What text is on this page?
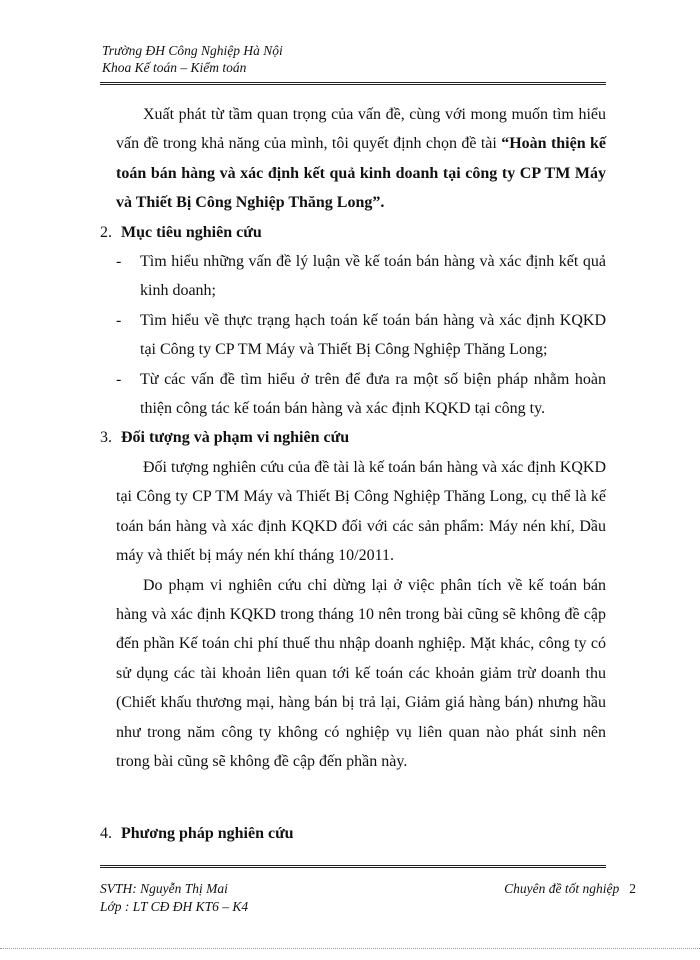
Trường ĐH Công Nghiệp Hà Nội
Khoa Kế toán – Kiểm toán

Xuất phát từ tầm quan trọng của vấn đề, cùng với mong muốn tìm hiểu vấn đề trong khả năng của mình, tôi quyết định chọn đề tài “Hoàn thiện kế toán bán hàng và xác định kết quả kinh doanh tại công ty CP TM Máy và Thiết Bị Công Nghiệp Thăng Long”.

2. Mục tiêu nghiên cứu

- Tìm hiểu những vấn đề lý luận về kế toán bán hàng và xác định kết quả kinh doanh;

- Tìm hiểu về thực trạng hạch toán kế toán bán hàng và xác định KQKD tại Công ty CP TM Máy và Thiết Bị Công Nghiệp Thăng Long;

- Từ các vấn đề tìm hiểu ở trên để đưa ra một số biện pháp nhằm hoàn thiện công tác kế toán bán hàng và xác định KQKD tại công ty.

3. Đối tượng và phạm vi nghiên cứu

Đối tượng nghiên cứu của đề tài là kế toán bán hàng và xác định KQKD tại Công ty CP TM Máy và Thiết Bị Công Nghiệp Thăng Long, cụ thể là kế toán bán hàng và xác định KQKD đối với các sản phẩm: Máy nén khí, Dầu máy và thiết bị máy nén khí tháng 10/2011.

Do phạm vi nghiên cứu chỉ dừng lại ở việc phân tích về kế toán bán hàng và xác định KQKD trong tháng 10 nên trong bài cũng sẽ không đề cập đến phần Kế toán chi phí thuế thu nhập doanh nghiệp. Mặt khác, công ty có sử dụng các tài khoản liên quan tới kế toán các khoản giảm trừ doanh thu (Chiết khấu thương mại, hàng bán bị trả lại, Giảm giá hàng bán) nhưng hầu như trong năm công ty không có nghiệp vụ liên quan nào phát sinh nên trong bài cũng sẽ không đề cập đến phần này.

4. Phương pháp nghiên cứu

SVTH: Nguyễn Thị Mai
Lớp : LT CĐ ĐH KT6 – K4
Chuyên đề tốt nghiệp 2
